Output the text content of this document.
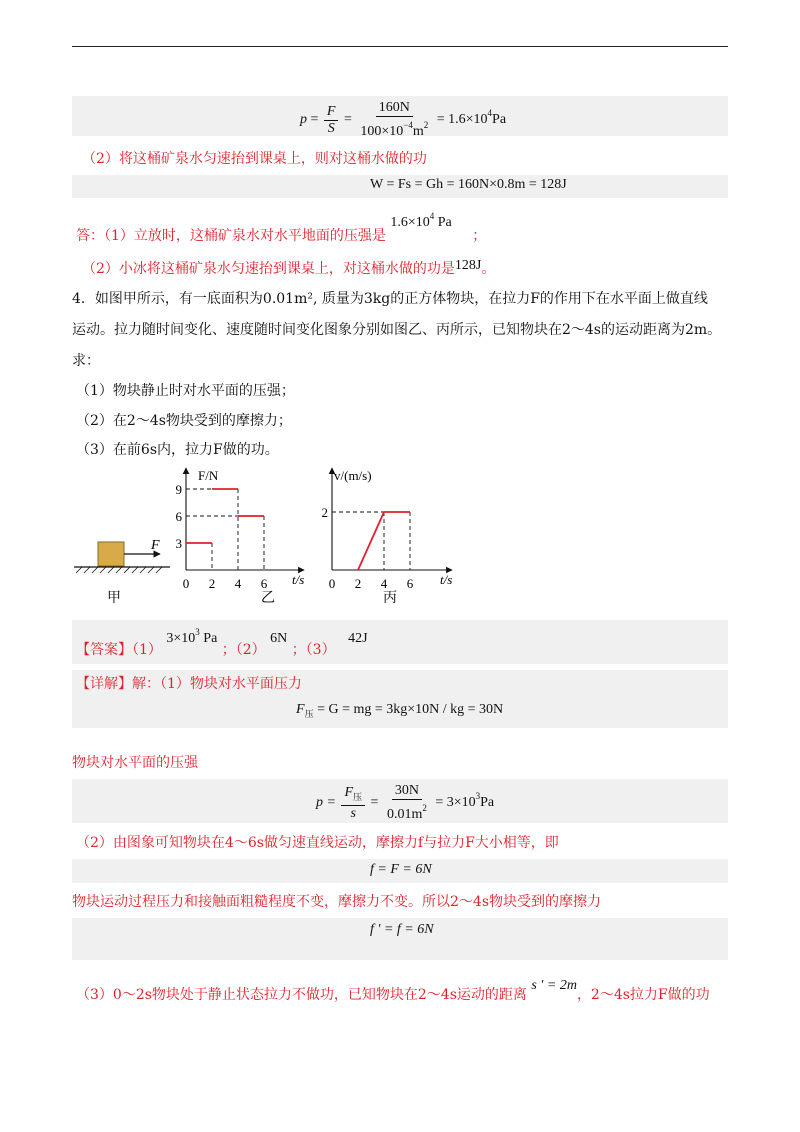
$p = \frac{F}{S} = \frac{160N}{100\times 10^{-4}m^2} = 1.6\times 10^4Pa$
（2）将这桶矿泉水匀速抬到课桌上，则对这桶水做的功
W = Fs = Gh = 160N×0.8m = 128J
答：（1）立放时，这桶矿泉水对水平地面的压强是 $1.6\times 10^4$ Pa ；
（2）小冰将这桶矿泉水匀速抬到课桌上，对这桶水做的功是128J。
4．如图甲所示，有一底面积为0.01m², 质量为3kg的正方体物块，在拉力F的作用下在水平面上做直线
运动。拉力随时间变化、速度随时间变化图象分别如图乙、丙所示，已知物块在2～4s的运动距离为2m。
求：
（1）物块静止时对水平面的压强；
（2）在2～4s物块受到的摩擦力；
（3）在前6s内，拉力F做的功。
F
甲
F/N
t/s
乙
0 2 4 6
3
6
9
v/(m/s)
t/s
丙
0 2 4 6
2
【答案】（1） $3\times 10^3$ Pa ；（2） 6N ；（3） 42J
【详解】解：（1）物块对水平面压力
$F_压 = G$ = mg = 3kg×10N / kg = 30N
物块对水平面的压强
$p = \frac{F_压}{s} = \frac{30N}{0.01m^2} = 3\times 10^3Pa$
（2）由图象可知物块在4～6s做匀速直线运动，摩擦力f与拉力F大小相等，即
f = F = 6N
物块运动过程压力和接触面粗糙程度不变，摩擦力不变。所以2～4s物块受到的摩擦力
f ′ = f = 6N
（3）0～2s物块处于静止状态拉力不做功，已知物块在2～4s运动的距离 s ′ = 2m，2～4s拉力F做的功
